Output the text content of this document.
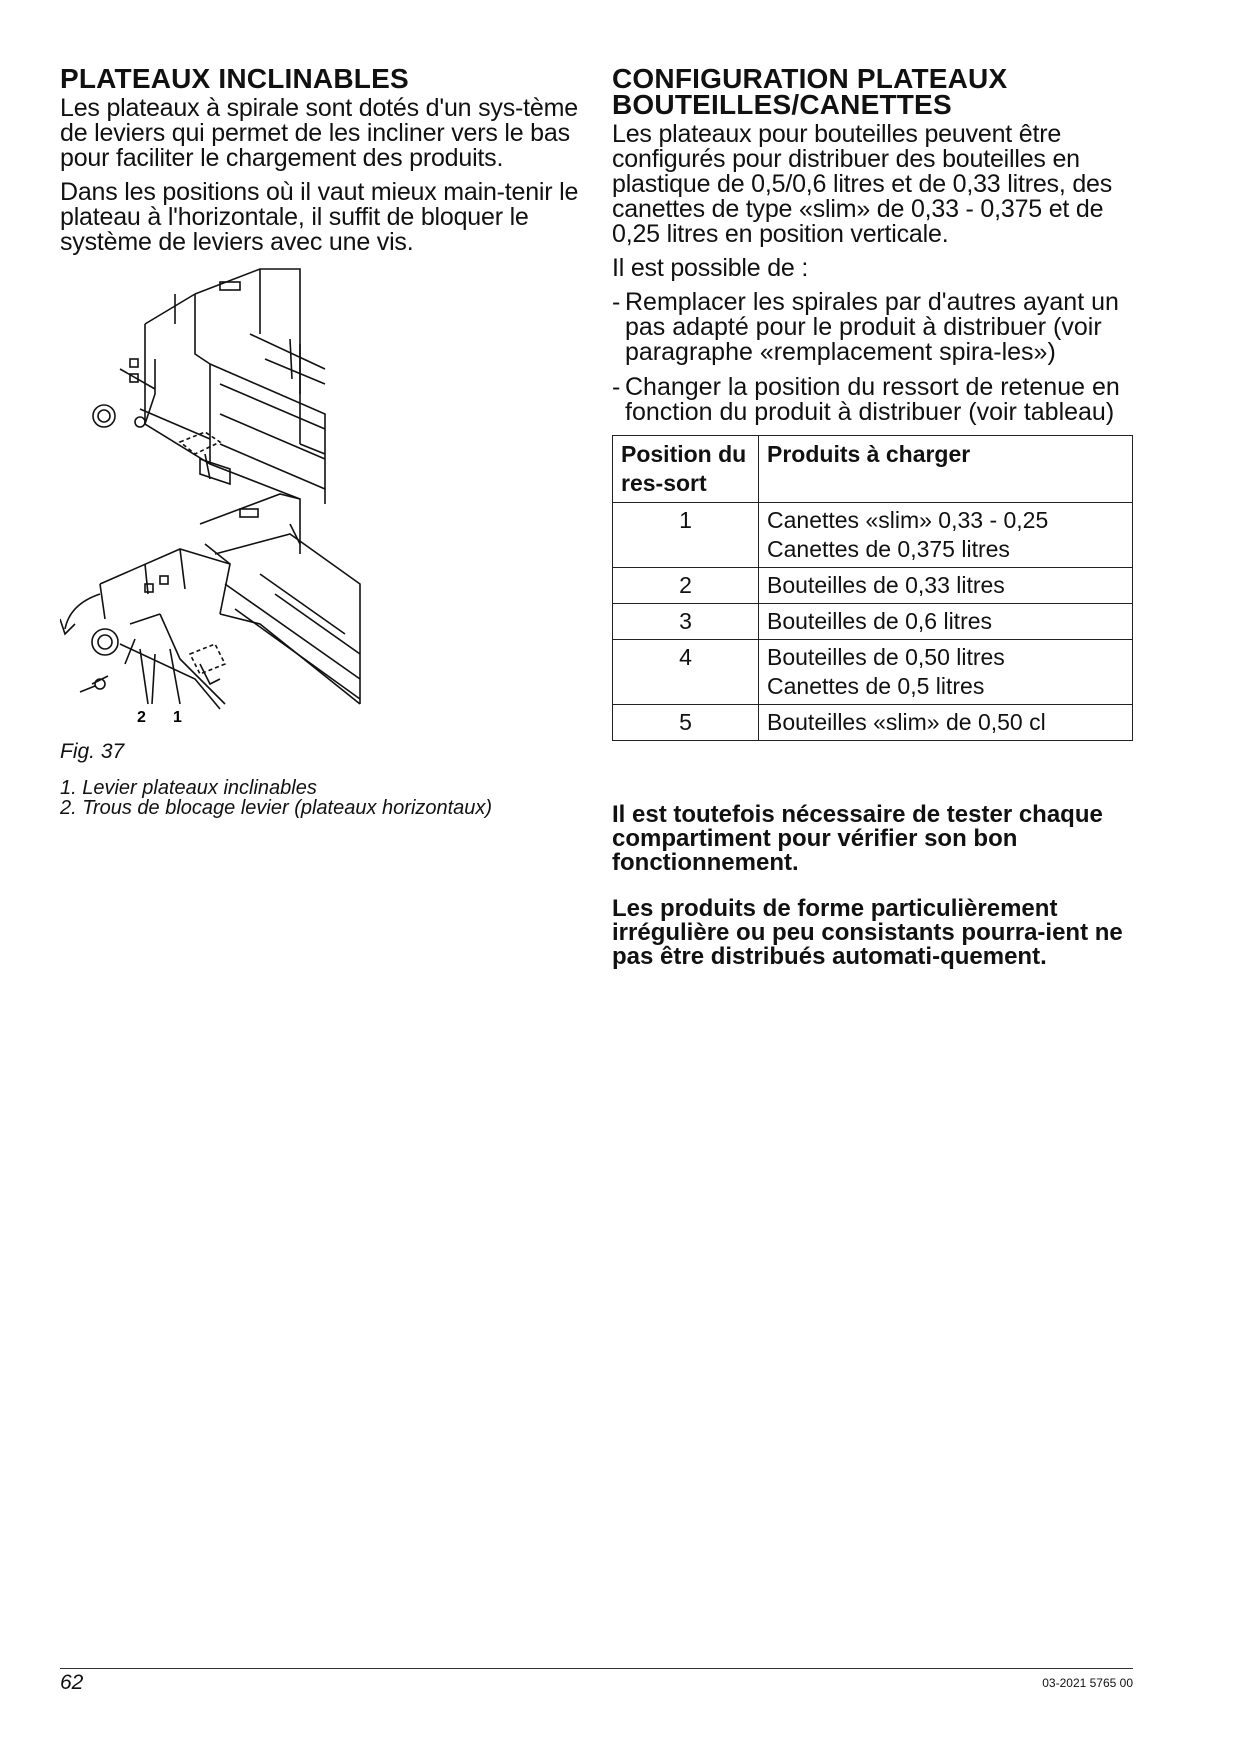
PLATEAUX INCLINABLES

Les plateaux à spirale sont dotés d'un sys-tème de leviers qui permet de les incliner vers le bas pour faciliter le chargement des produits.

Dans les positions où il vaut mieux main-tenir le plateau à l'horizontale, il suffit de bloquer le système de leviers avec une vis.

2 1

Fig. 37

1. Levier plateaux inclinables
2. Trous de blocage levier (plateaux horizontaux)
CONFIGURATION PLATEAUX BOUTEILLES/CANETTES

Les plateaux pour bouteilles peuvent être configurés pour distribuer des bouteilles en plastique de 0,5/0,6 litres et de 0,33 litres, des canettes de type «slim» de 0,33 - 0,375 et de 0,25 litres en position verticale.

Il est possible de :

- Remplacer les spirales par d'autres ayant un pas adapté pour le produit à distribuer (voir paragraphe «remplacement spira-les»)
- Changer la position du ressort de retenue en fonction du produit à distribuer (voir tableau)
Position du res-sort	Produits à charger
1	Canettes «slim» 0,33 - 0,25
Canettes de 0,375 litres

2	Bouteilles de 0,33 litres

3	Bouteilles de 0,6 litres

4	Bouteilles de 0,50 litres
Canettes de 0,5 litres

5	Bouteilles «slim» de 0,50 cl

Il est toutefois nécessaire de tester chaque compartiment pour vérifier son bon fonctionnement.

Les produits de forme particulièrement irrégulière ou peu consistants pourra-ient ne pas être distribués automati-quement.

62	03-2021 5765 00
